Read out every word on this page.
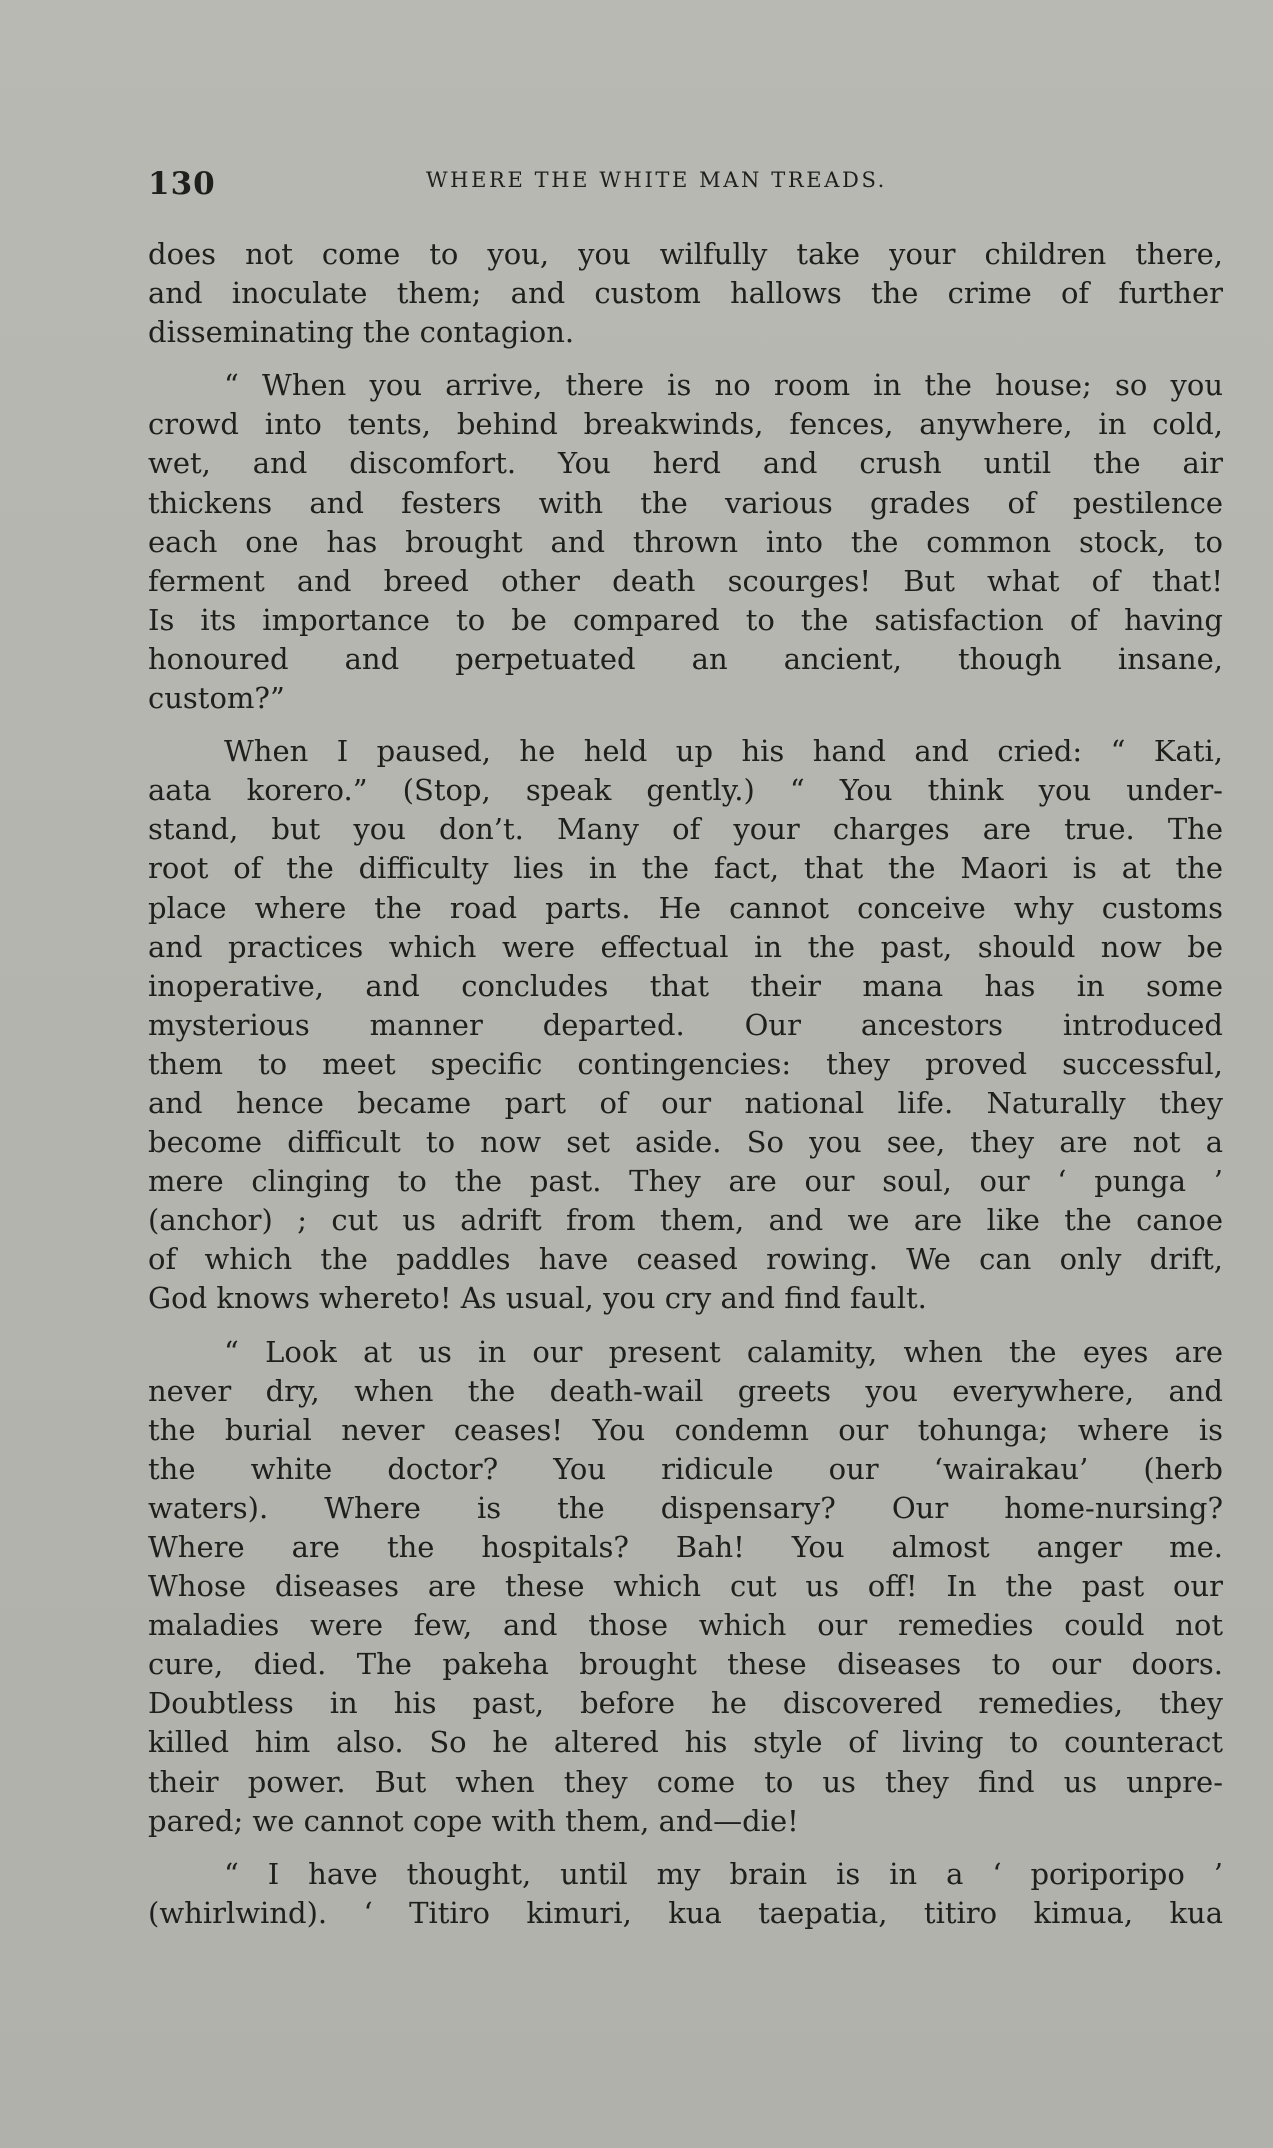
130	WHERE THE WHITE MAN TREADS.

does not come to you, you wilfully take your children there,
and inoculate them; and custom hallows the crime of further
disseminating the contagion.

“ When you arrive, there is no room in the house; so you
crowd into tents, behind breakwinds, fences, anywhere, in cold,
wet, and discomfort. You herd and crush until the air
thickens and festers with the various grades of pestilence
each one has brought and thrown into the common stock, to
ferment and breed other death scourges! But what of that!
Is its importance to be compared to the satisfaction of having
honoured and perpetuated an ancient, though insane,
custom?”

When I paused, he held up his hand and cried: “ Kati,
aata korero.” (Stop, speak gently.) “ You think you under-
stand, but you don’t. Many of your charges are true. The
root of the difficulty lies in the fact, that the Maori is at the
place where the road parts. He cannot conceive why customs
and practices which were effectual in the past, should now be
inoperative, and concludes that their mana has in some
mysterious manner departed. Our ancestors introduced
them to meet specific contingencies: they proved successful,
and hence became part of our national life. Naturally they
become difficult to now set aside. So you see, they are not a
mere clinging to the past. They are our soul, our ‘ punga ’
(anchor) ; cut us adrift from them, and we are like the canoe
of which the paddles have ceased rowing. We can only drift,
God knows whereto! As usual, you cry and find fault.

“ Look at us in our present calamity, when the eyes are
never dry, when the death-wail greets you everywhere, and
the burial never ceases! You condemn our tohunga; where is
the white doctor? You ridicule our ‘wairakau’ (herb
waters). Where is the dispensary? Our home-nursing?
Where are the hospitals? Bah! You almost anger me.
Whose diseases are these which cut us off! In the past our
maladies were few, and those which our remedies could not
cure, died. The pakeha brought these diseases to our doors.
Doubtless in his past, before he discovered remedies, they
killed him also. So he altered his style of living to counteract
their power. But when they come to us they find us unpre-
pared; we cannot cope with them, and—die!

“ I have thought, until my brain is in a ‘ poriporipo ’
(whirlwind). ‘ Titiro kimuri, kua taepatia, titiro kimua, kua
